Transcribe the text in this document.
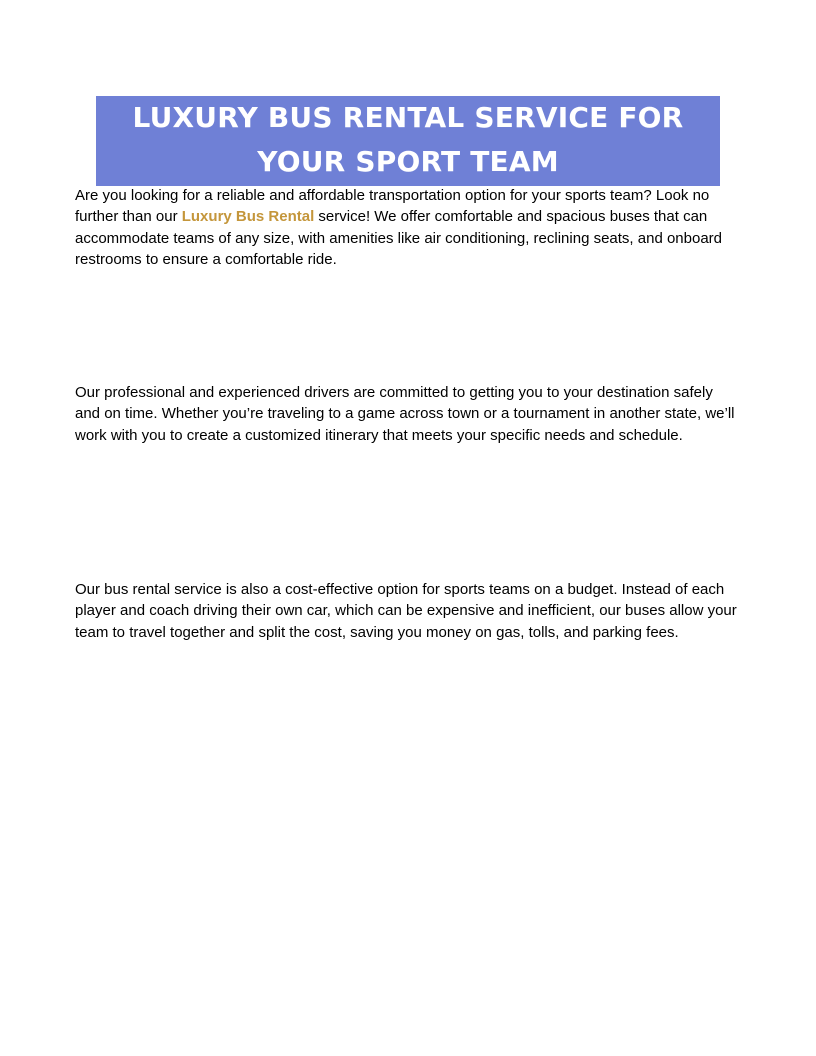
LUXURY BUS RENTAL SERVICE FOR YOUR SPORT TEAM

Are you looking for a reliable and affordable transportation option for your sports team? Look no further than our Luxury Bus Rental service! We offer comfortable and spacious buses that can accommodate teams of any size, with amenities like air conditioning, reclining seats, and onboard restrooms to ensure a comfortable ride.

Our professional and experienced drivers are committed to getting you to your destination safely and on time. Whether you’re traveling to a game across town or a tournament in another state, we’ll work with you to create a customized itinerary that meets your specific needs and schedule.

Our bus rental service is also a cost-effective option for sports teams on a budget. Instead of each player and coach driving their own car, which can be expensive and inefficient, our buses allow your team to travel together and split the cost, saving you money on gas, tolls, and parking fees.
